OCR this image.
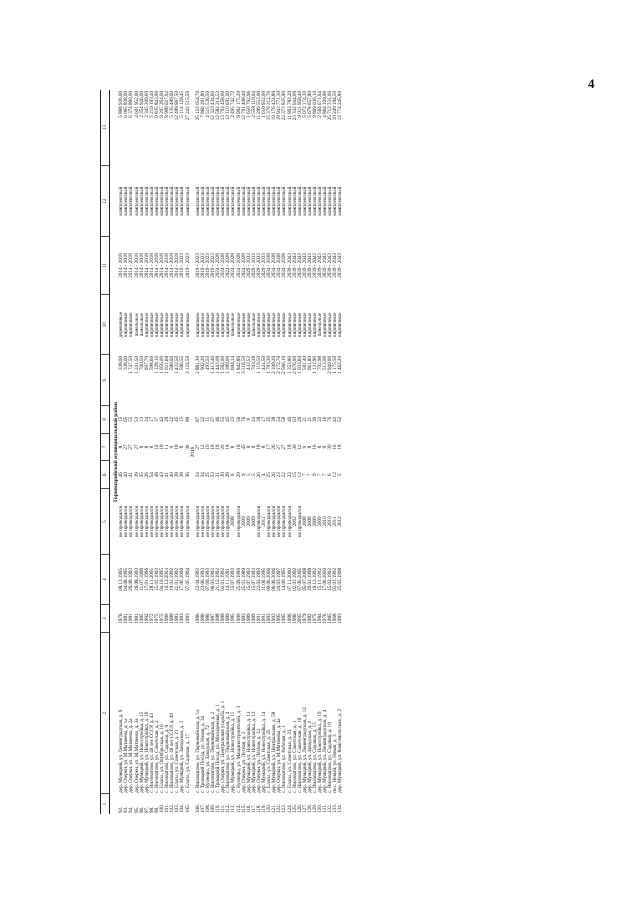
4
1	2	3	4	5	6	7	8	9	10	11	12	13

Горномарийский муниципальный район												
92.	дер. Мумарий, ул. Ленинградская, д. 9	1976	08.12.1995	не проводился	46	8	15	338,00	деревянные	2014 - 2018	комплексный	5 868 926,00
93.	дер. Озерки, ул. М.Матвеева, д. 1а	1981	04.08.1995	не проводился	40	27	65	338,00	кирпичные	2014 - 2018	комплексный	6 065 838,00
94.	дер. Озерки, ул. М.Матвеева, д. 2а	1981	28.08.1993	не проводился	41	27	55	1 747,50	кирпичные	2014 - 2018	комплексный	6 374 880,00
95.	дер. Озерки, ул. М.Матвеева, д. 3а	1981	28.08.1993	не проводился	39	27	53	1 241,50	панельные	2014 - 2018	комплексный	4 601 952,00
96.	дер. Мумарий, ул. Новостройка, д. 15	1985	11.07.1998	не проводился	35	8	13	700,50	панельные	2014 - 2018	комплексный	2 354 926,00
97.	дер. Мумарий, ул. Новостройка, д. 16	1992	17.01.1996	не проводился	26	8	24	697,70	кирпичные	2014 - 2018	комплексный	2 345 209,60
98.	с. Виловатово, ул. 40 лет СССР, д. 43	1972	28.11.2005	не проводился	54	8	17	598,60	кирпичные	2014 - 2018	комплексный	5 219 193,40
99.	с. Виловатово, ул. Советская, д. 2	1975	15.02.1992	не проводился	48	16	37	1 128,10	кирпичные	2014 - 2018	комплексный	9 835 843,90
100.	с. Еласы, ул. Октябрьская, д. 16	1975	04.10.1995	не проводился	43	18	43	1 056,00	кирпичные	2014 - 2018	комплексный	9 207 264,00
101.	с. Виловатово, ул. Садовая, д. 9	1980	10.12.2003	не проводился	41	11	20	1 021,68	кирпичные	2014 - 2018	комплексный	8 908 027,92
102.	с. Виловатово, ул. 40 лет СССР, д. 40	1989	19.02.1992	не проводился	40	9	22	580,00	кирпичные	2014 - 2018	комплексный	5 135 489,00
103.	с. Еласы, ул. Советская, д. 21	1981	21.01.1992	не проводился	38	18	45	1 432,50	кирпичные	2014 - 2018	комплексный	12 489 967,50
104.	дер. Мумарий, ул. Заводская, д. 3	1983	17.06.2000	не проводился	38	8	15	586,55	кирпичные	2019 - 2023	комплексный	5 114 129,45
105.	с. Еласы, ул. Садовая, д. 17	1983	07.05.1994	не проводился	36	36	89	3 124,50	кирпичные	2019 - 2023	комплексный	27 242 515,50
2016												
106.	с. Виловатово, ул. Первомайская, д. 1а	1986	22.04.1992	не проводился	34	27	87	2 881,30	кирпичные	2019 - 2023	комплексный	25 122 054,70
107.	с. Троицкий Посад, ул. Новая, д. 34	1986	23.06.1993	не проводился	34	12	22	902,20	кирпичные	2019 - 2023	комплексный	7 866 281,80
108.	с. Кузнецы, ул. Заводская, д. 72	1986	07.09.1993	не проводился	25	10	11	493,50	кирпичные	2019 - 2023	комплексный	4 515 536,50
109.	с. Виловатово, ул. Первомайская, д. 2	1987	06.03.1992	не проводился	33	18	27	1 413,40	кирпичные	2019 - 2023	комплексный	12 323 434,60
110.	с. Троицкий Посад, ул. Молодежная, д. 1	1988	21.12.1992	не проводился	31	18	46	1 443,08	кирпичные	2024 - 2028	комплексный	12 582 214,52
111.	дер. Озерки, ул. Центральная усадьба, д. 1	1989	02.01.1992	не проводился	30	20	55	1 582,00	кирпичные	2024 - 2028	комплексный	13 793 458,00
112.	с. Виловатово, ул. Первомайская, д. 4	1989	14.11.1991	не проводился	28	18	45	1 389,00	кирпичные	2024 - 2028	комплексный	12 110 691,00
113.	дер. Мумарий, ул. Новостройка, д. 11	1985	15.07.1993	2008	6	8	23	684,14	панельные	2024 - 2028	комплексный	2 495 742,72
114.	с. Кузнецы, ул. Машиностроителей, д. 3	1990	25.09.1990	не проводился	29	18	56	1 842,80	кирпичные	2024 - 2028	комплексный	9 992 175,20
115.	дер. Озерки, ул. Лесная, д. 2	1983	25.01.1989	2009	9	45	76	3 518,50	кирпичные	2024 - 2028	комплексный	12 791 408,40
116.	дер. Мумарий, ул. Новостройка, д. 13	1989	15.07.1993	2009	5	8	8	432,52	кирпичные	2029 - 2033	комплексный	1 650 792,96
117.	дер. Мумарий, ул. Новостройка, д. 12	1989	15.07.1993	2009	5	8	24	703,38	панельные	2029 - 2033	комплексный	2 558 119,04
118.	дер. Озерки, ул. Лесная, д. 12	1991	22.02.1993	не проводился	26	18	38	1 119,50	кирпичные	2029 - 2033	комплексный	11 299 553,00
119.	дер. Мумарий, ул. Новостройка, д. 14	1991	11.06.1995	2011	4	8	17	441,50	кирпичные	2029 - 2033	комплексный	1 610 932,00
120.	с. Еласы, ул. Советская, д. 25	1993	09.06.2006	не проводился	25	17	25	1 793,30	кирпичные	2034 - 2038	комплексный	15 379 212,70
121.	дер. Мумарий, ул. Центральная, д. 58	1993	06.06.2006	не проводился	26	26	38	2 199,20	кирпичные	2034 - 2038	комплексный	19 176 424,80
122.	дер. Озерки, ул. М.Матвеева, д. 4а	1995	20.03.1997	не проводился	23	27	54	2 172,70	кирпичные	2034 - 2038	комплексный	18 943 771,30
123.	с. Виловатово, ул. Рабочая, д. 1	1995	14.09.1995	не проводился	22	27	50	2 566,10	кирпичные	2034 - 2038	комплексный	22 373 825,90
124.	с. Еласы, ул. Советская, д. 23	1996	07.11.2000	не проводился	23	18	40	1 353,80	кирпичные	2039 - 2043	комплексный	11 803 782,20
125.	с. Виловатово, ул. Советская, д. 1	1986	02.01.1992	2002	15	30	63	2 676,00	кирпичные	2039 - 2043	комплексный	23 332 044,00
126.	с. Виловатово, ул. Советская, д. 10	2005	07.06.2005	не проводился	12	12	29	1 033,60	кирпичные	2039 - 2043	комплексный	9 011 958,40
127.	дер. Мумарий, ул. Ленинградская, д. 12	1979	05.07.2008	2008	7	9	21	581,40	кирпичные	2039 - 2043	комплексный	5 072 174,30
128.	дер. Мумарий, ул. Заводская, д. 2	1982	20.02.1998	2008	7	8	21	661,80	кирпичные	2039 - 2043	комплексный	5 678 657,80
129.	с. Виловатово, ул. Садовая, д. 15	1975	19.12.1992	2009	9	16	39	1 131,90	кирпичные	2039 - 2043	комплексный	9 869 036,10
130.	дер. Мумарий, ул. Новостройка, д. 10	1984	15.11.1992	2009	7	8	23	702,98	панельные	2039 - 2043	комплексный	2 564 671,04
131.	дер. Мумарий, ул. Ленинградская, д. 4	1976	17.06.2000	2010	7	9	16	513,00	кирпичные	2039 - 2043	комплексный	4 864 169,00
132.	с. Виловатово, ул. Садовая, д. 19	1985	15.02.1992	2010	6	30	76	2 949,00	кирпичные	2039 - 2043	комплексный	25 712 331,00
133.	пос. Новый, ул. Новая, д. 3	1968	03.01.1992	2011	12	16	42	1 175,50	кирпичные	2039 - 2043	комплексный	10 249 184,50
134.	дер. Мумарий, ул. Комсомольская, д. 2	1983	25.02.1998	2012	5	18	52	1 462,20	кирпичные	2039 - 2043	комплексный	12 774 245,80
